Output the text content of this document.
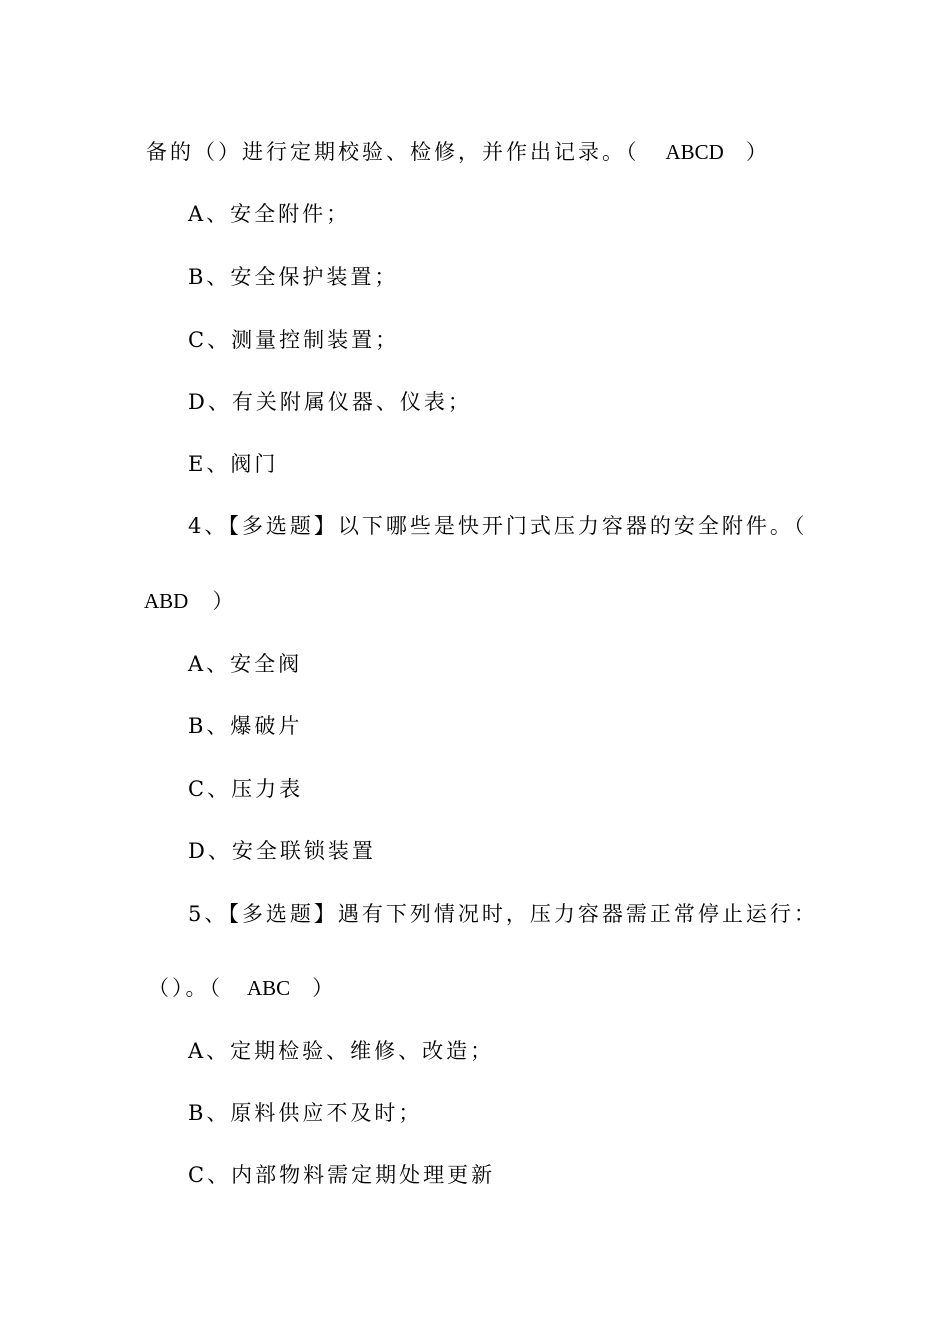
备的（）进行定期校验、检修，并作出记录。（ ABCD ）
A、安全附件；
B、安全保护装置；
C、测量控制装置；
D、有关附属仪器、仪表；
E、阀门
4、【多选题】以下哪些是快开门式压力容器的安全附件。（
ABD ）
A、安全阀
B、爆破片
C、压力表
D、安全联锁装置
5、【多选题】遇有下列情况时，压力容器需正常停止运行：
（）。（ ABC ）
A、定期检验、维修、改造；
B、原料供应不及时；
C、内部物料需定期处理更新
